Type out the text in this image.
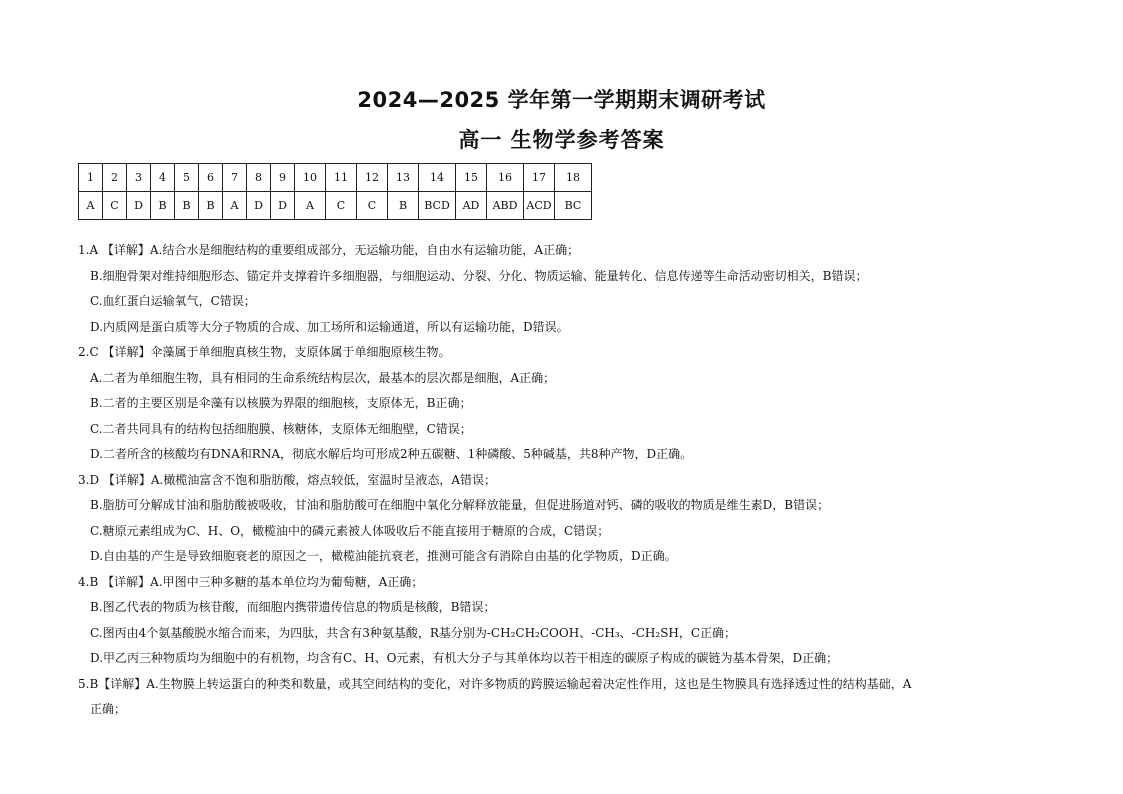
2024—2025 学年第一学期期末调研考试
高一 生物学参考答案
1	2	3	4	5	6	7	8	9	10	11	12	13	14	15	16	17	18
A	C	D	B	B	B	A	D	D	A	C	C	B	BCD	AD	ABD	ACD	BC
1.A 【详解】A.结合水是细胞结构的重要组成部分，无运输功能，自由水有运输功能，A正确；
B.细胞骨架对维持细胞形态、锚定并支撑着许多细胞器，与细胞运动、分裂、分化、物质运输、能量转化、信息传递等生命活动密切相关，B错误；
C.血红蛋白运输氧气，C错误；
D.内质网是蛋白质等大分子物质的合成、加工场所和运输通道，所以有运输功能，D错误。
2.C 【详解】伞藻属于单细胞真核生物，支原体属于单细胞原核生物。
A.二者为单细胞生物，具有相同的生命系统结构层次，最基本的层次都是细胞，A正确；
B.二者的主要区别是伞藻有以核膜为界限的细胞核，支原体无，B正确；
C.二者共同具有的结构包括细胞膜、核糖体，支原体无细胞壁，C错误；
D.二者所含的核酸均有DNA和RNA，彻底水解后均可形成2种五碳糖、1种磷酸、5种碱基，共8种产物，D正确。
3.D 【详解】A.橄榄油富含不饱和脂肪酸，熔点较低，室温时呈液态，A错误；
B.脂肪可分解成甘油和脂肪酸被吸收，甘油和脂肪酸可在细胞中氧化分解释放能量，但促进肠道对钙、磷的吸收的物质是维生素D，B错误；
C.糖原元素组成为C、H、O，橄榄油中的磷元素被人体吸收后不能直接用于糖原的合成，C错误；
D.自由基的产生是导致细胞衰老的原因之一，橄榄油能抗衰老，推测可能含有消除自由基的化学物质，D正确。
4.B 【详解】A.甲图中三种多糖的基本单位均为葡萄糖，A正确；
B.图乙代表的物质为核苷酸，而细胞内携带遗传信息的物质是核酸，B错误；
C.图丙由4个氨基酸脱水缩合而来，为四肽，共含有3种氨基酸，R基分别为-CH₂CH₂COOH、-CH₃、-CH₂SH，C正确；
D.甲乙丙三种物质均为细胞中的有机物，均含有C、H、O元素，有机大分子与其单体均以若干相连的碳原子构成的碳链为基本骨架，D正确；
5.B【详解】A.生物膜上转运蛋白的种类和数量，或其空间结构的变化，对许多物质的跨膜运输起着决定性作用，这也是生物膜具有选择透过性的结构基础，A
正确；
